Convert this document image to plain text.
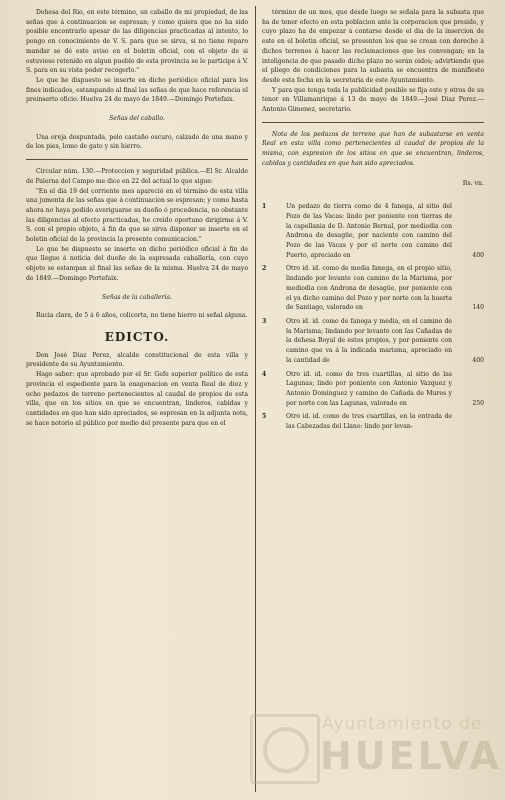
Dehesa del Rio, en este término, un caballo de mi propiedad, de las señas que á continuacion se espresan; y como quiera que no ha sido posible encontrarlo apesar de las diligencias practicadas al intento, lo pongo en conocimiento de V. S. para que se sirva, si no tiene reparo mandar se dé este aviso en el boletin oficial, con el objeto de si estuviese retenido en algun pueblo de esta provincia se le participe á V. S. para en su vista poder recogerlo."

Lo que he dispuesto se inserte en dicho periódico oficial para los fines indicados, estampando al final las señas de que hace referencia el preinserto oficio. Huelva 24 de mayo de 1849.—Domingo Portefaix.

Señas del caballo.

Una oreja despuntada, pelo castaño oscuro, calzado de una mano y de los pies, lomo de gato y sin hierro.

Circular núm. 130.—Proteccion y seguridad pública.—El Sr. Alcalde de Palerna del Campo me dice en 22 del actual lo que sigue:

"En el dia 19 del corriente mes apareció en el término de esta villa una jumenta de las señas que á continuacion se espresan; y como hasta ahora no haya podido averiguarse su dueño ó procedencia, no obstante las diligencias al efecto practicadas, he creido oportuno dirigirme á V. S. con el propio objeto, á fin de que se sirva disponer se inserte en el boletin oficial de la provincia la presente comunicacion."

Lo que he dispuesto se inserte en dicho periódico oficial á fin de que llegue á noticia del dueño de la espresada caballería, con cuyo objeto se estampan al final las señas de la misma. Huelva 24 de mayo de 1849.—Domingo Portefaix.

Señas de la caballería.

Rucia clara, de 5 á 6 años, colicorta, no tiene hierro ni señal alguna.

EDICTO.

Don José Diaz Perez, alcalde constitucional de esta villa y presidente de su Ayuntamiento.

Hago saber: que aprobado por el Sr. Gefe superior político de esta provincia el espediente para la enagenacion en venta Real de diez y ocho pedazos de terreno pertenecientes al caudal de propios de esta villa, que en los sitios en que se encuentran, linderos, cabidas y cantidades en que han sido apreciados, se espresan en la adjunta nota, se hace notorio al público por medio del presente para que en el

término de un mes, que desde luego se señala para la subasta que ha de tener efecto en esta poblacion ante la corporacion que presido, y cuyo plazo ha de empezar á contarse desde el dia de la insercion de este en el boletin oficial, se presenten los que se crean con derecho á dichos terrenos á hacer las reclamaciones que les convengan; en la inteligencia de que pasado dicho plazo no serán oidos; advirtiendo que el pliego de condiciones para la subasta se encuentra de manifiesto desde esta fecha en la secretaria de este Ayuntamiento.

Y para que tenga toda la publicidad posible se fija este y otros de su tenor en Villamanrique á 13 de mayo de 1849.—José Diaz Perez.—Antonio Gimenez, secretario.

Nota de los pedazos de terreno que han de subastarse en venta Real en esta villa como pertenecientes al caudal de propios de la misma, con espresion de los sitios en que se encuentran, linderos, cabidas y cantidades en que han sido apreciados.

Rs. vn.
1	Un pedazo de tierra como de 4 fanega, al sitio del Pozo de las Vacas: lindo por poniente con tierras de la capellania de D. Antonio Bernal, por mediodia con Androna de desagüe, por naciente con camino del Pozo de las Vacas y por el norte con camino del Puerto, apreciado en	400
2	Otro id. id. como de media fanega, en el propio sitio, lindando por levante con camino de la Marisma, por mediodia con Androna de desagüe, por poniente con el ya dicho camino del Pozo y por norte con la huerta de Santiago, valorado en	140
3	Otro id. id. como de fanega y media, en el camino de la Marisma; lindando por levante con las Cañadas de la dehesa Boyal de estos propios, y por poniente con camino que va á la indicada marisma, apreciado en la cantidad de	400
4	Otro id. id. como de tres cuartillas, al sitio de las Lagunas; lindo por poniente con Antonio Vazquez y Antonio Dominguez y camino de Cañada de Mures y por norte con las Lagunas, valorado en	250
5	Otro id. id. como de tres cuartillas, en la entrada de las Cabezadas del Llano: lindo por levan-
Ayuntamiento de
HUELVA
